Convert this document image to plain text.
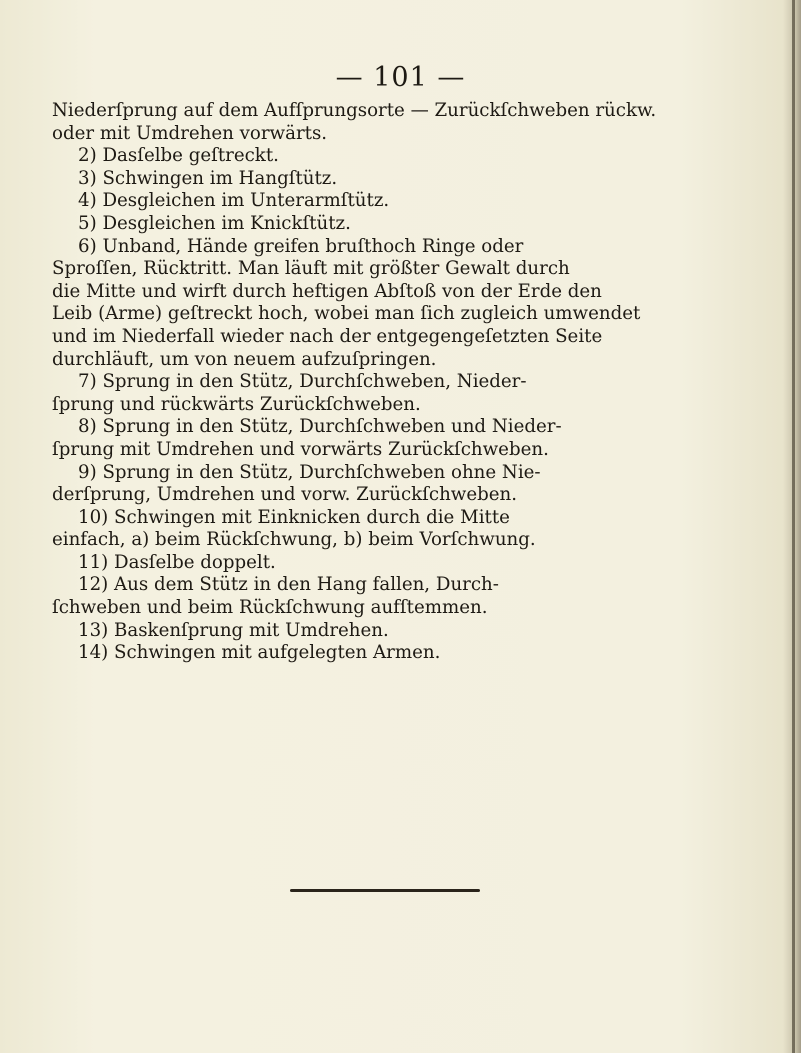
— 101 —
Niederſprung auf dem Aufſprungsorte — Zurückſchweben rückw.
oder mit Umdrehen vorwärts.
2) Dasſelbe geſtreckt.
3) Schwingen im Hangſtütz.
4) Desgleichen im Unterarmſtütz.
5) Desgleichen im Knickſtütz.
6) Unband, Hände greifen bruſthoch Ringe oder
Sproſſen, Rücktritt. Man läuft mit größter Gewalt durch
die Mitte und wirft durch heftigen Abſtoß von der Erde den
Leib (Arme) geſtreckt hoch, wobei man ſich zugleich umwendet
und im Niederfall wieder nach der entgegengeſetzten Seite
durchläuft, um von neuem aufzuſpringen.
7) Sprung in den Stütz, Durchſchweben, Nieder-
ſprung und rückwärts Zurückſchweben.
8) Sprung in den Stütz, Durchſchweben und Nieder-
ſprung mit Umdrehen und vorwärts Zurückſchweben.
9) Sprung in den Stütz, Durchſchweben ohne Nie-
derſprung, Umdrehen und vorw. Zurückſchweben.
10) Schwingen mit Einknicken durch die Mitte
einfach, a) beim Rückſchwung, b) beim Vorſchwung.
11) Dasſelbe doppelt.
12) Aus dem Stütz in den Hang fallen, Durch-
ſchweben und beim Rückſchwung aufſtemmen.
13) Baskenſprung mit Umdrehen.
14) Schwingen mit aufgelegten Armen.
